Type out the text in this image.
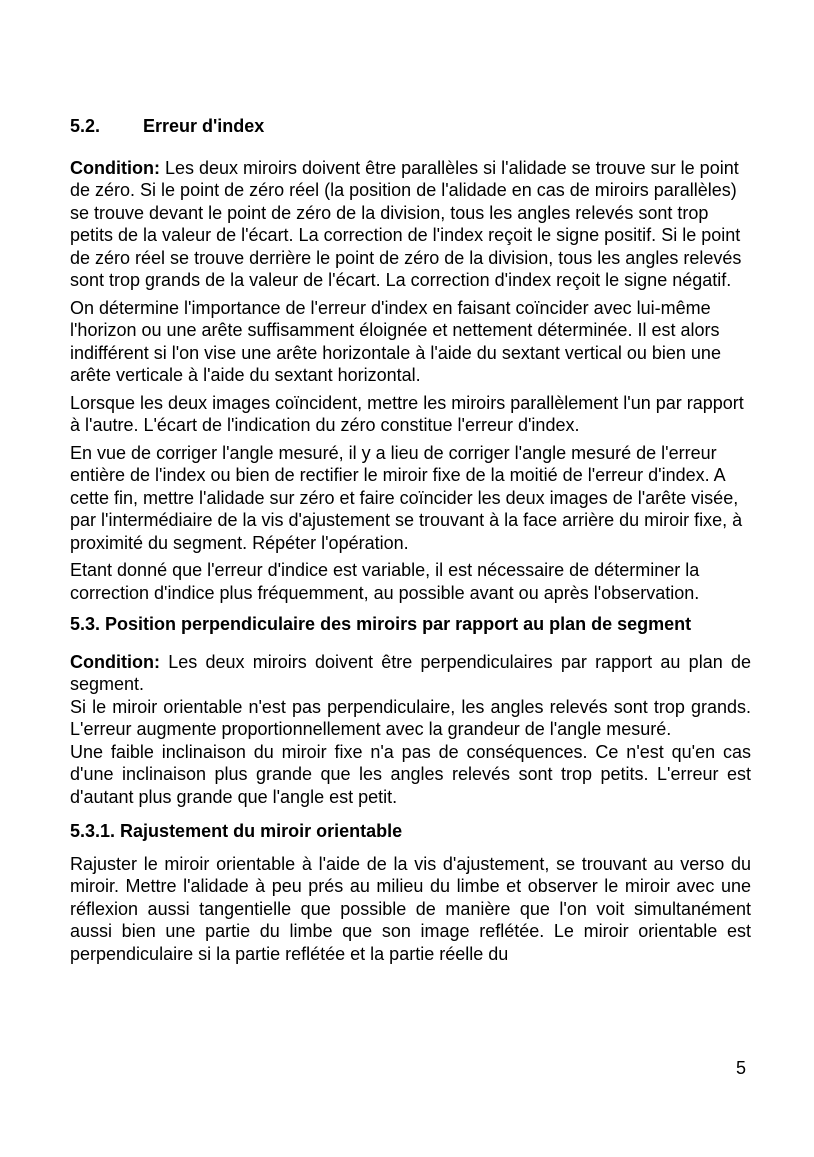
5.2. Erreur d'index

Condition: Les deux miroirs doivent être parallèles si l'alidade se trouve sur le point de zéro. Si le point de zéro réel (la position de l'alidade en cas de miroirs parallèles) se trouve devant le point de zéro de la division, tous les angles relevés sont trop petits de la valeur de l'écart. La correction de l'index reçoit le signe positif. Si le point de zéro réel se trouve derrière le point de zéro de la division, tous les angles relevés sont trop grands de la valeur de l'écart. La correction d'index reçoit le signe négatif.

On détermine l'importance de l'erreur d'index en faisant coïncider avec lui-même l'horizon ou une arête suffisamment éloignée et nettement déterminée. Il est alors indifférent si l'on vise une arête horizontale à l'aide du sextant vertical ou bien une arête verticale à l'aide du sextant horizontal.

Lorsque les deux images coïncident, mettre les miroirs parallèlement l'un par rapport à l'autre. L'écart de l'indication du zéro constitue l'erreur d'index.

En vue de corriger l'angle mesuré, il y a lieu de corriger l'angle mesuré de l'erreur entière de l'index ou bien de rectifier le miroir fixe de la moitié de l'erreur d'index. A cette fin, mettre l'alidade sur zéro et faire coïncider les deux images de l'arête visée, par l'intermédiaire de la vis d'ajustement se trouvant à la face arrière du miroir fixe, à proximité du segment. Répéter l'opération.

Etant donné que l'erreur d'indice est variable, il est nécessaire de déterminer la correction d'indice plus fréquemment, au possible avant ou après l'observation.

5.3. Position perpendiculaire des miroirs par rapport au plan de segment

Condition: Les deux miroirs doivent être perpendiculaires par rapport au plan de segment.

Si le miroir orientable n'est pas perpendiculaire, les angles relevés sont trop grands. L'erreur augmente proportionnellement avec la grandeur de l'angle mesuré.

Une faible inclinaison du miroir fixe n'a pas de conséquences. Ce n'est qu'en cas d'une inclinaison plus grande que les angles relevés sont trop petits. L'erreur est d'autant plus grande que l'angle est petit.

5.3.1. Rajustement du miroir orientable

Rajuster le miroir orientable à l'aide de la vis d'ajustement, se trouvant au verso du miroir. Mettre l'alidade à peu prés au milieu du limbe et observer le miroir avec une réflexion aussi tangentielle que possible de manière que l'on voit simultanément aussi bien une partie du limbe que son image reflétée. Le miroir orientable est perpendiculaire si la partie reflétée et la partie réelle du

5
